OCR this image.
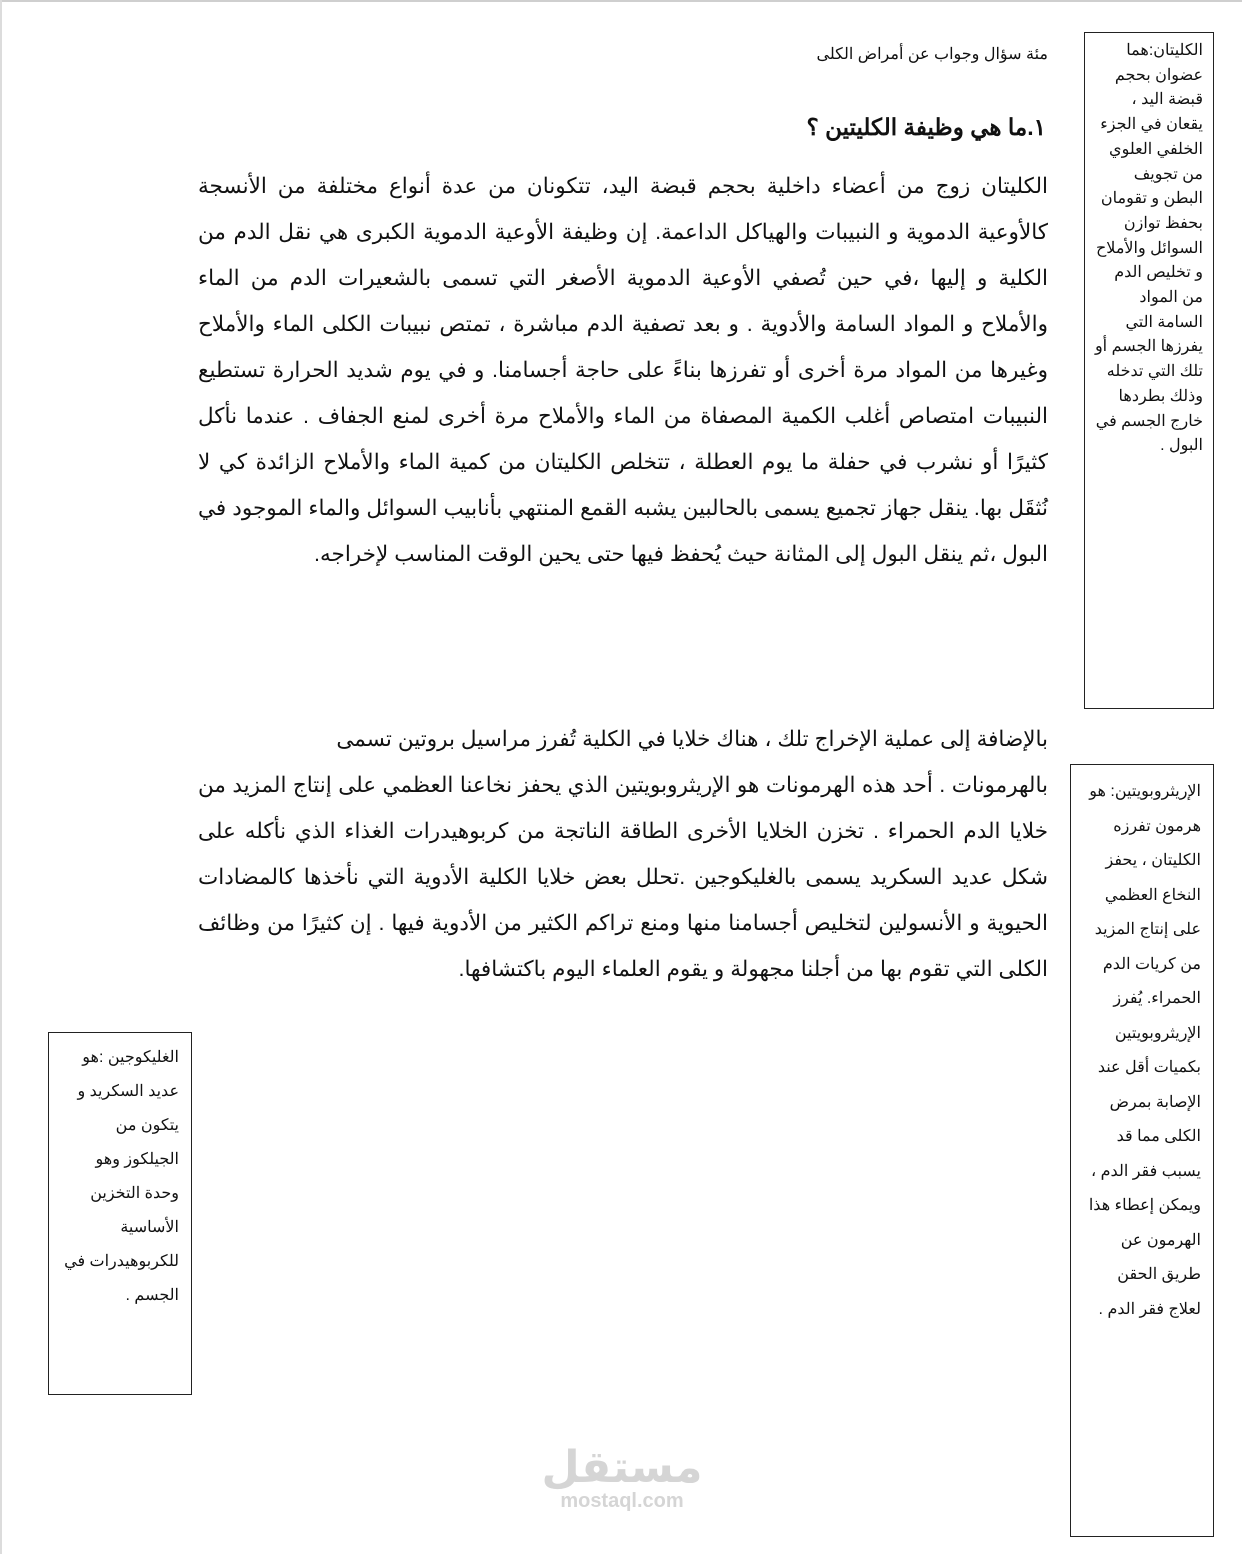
مئة سؤال وجواب عن أمراض الكلى
١.ما هي وظيفة الكليتين ؟
الكليتان زوج من أعضاء داخلية بحجم قبضة اليد، تتكونان من عدة أنواع مختلفة من الأنسجة كالأوعية الدموية و النبيبات والهياكل الداعمة. إن وظيفة الأوعية الدموية الكبرى هي نقل الدم من الكلية و إليها ،في حين تُصفي الأوعية الدموية الأصغر التي تسمى بالشعيرات الدم من الماء والأملاح و المواد السامة والأدوية . و بعد تصفية الدم مباشرة ، تمتص نبيبات الكلى الماء والأملاح وغيرها من المواد مرة أخرى أو تفرزها بناءً على حاجة أجسامنا. و في يوم شديد الحرارة تستطيع النبيبات امتصاص أغلب الكمية المصفاة من الماء والأملاح مرة أخرى لمنع الجفاف . عندما نأكل كثيرًا أو نشرب في حفلة ما يوم العطلة ، تتخلص الكليتان من كمية الماء والأملاح الزائدة كي لا نُثقَل بها. ينقل جهاز تجميع يسمى بالحالبين يشبه القمع المنتهي بأنابيب السوائل والماء الموجود في البول ،ثم ينقل البول إلى المثانة حيث يُحفظ فيها حتى يحين الوقت المناسب لإخراجه.
بالإضافة إلى عملية الإخراج تلك ، هناك خلايا في الكلية تُفرز مراسيل بروتين تسمى
بالهرمونات . أحد هذه الهرمونات هو الإريثروبويتين الذي يحفز نخاعنا العظمي على إنتاج المزيد من خلايا الدم الحمراء . تخزن الخلايا الأخرى الطاقة الناتجة من كربوهيدرات الغذاء الذي نأكله على شكل عديد السكريد يسمى بالغليكوجين .تحلل بعض خلايا الكلية الأدوية التي نأخذها كالمضادات الحيوية و الأنسولين لتخليص أجسامنا منها ومنع تراكم الكثير من الأدوية فيها . إن كثيرًا من وظائف الكلى التي تقوم بها من أجلنا مجهولة و يقوم العلماء اليوم باكتشافها.
الكليتان:هما عضوان بحجم قبضة اليد ، يقعان في الجزء الخلفي العلوي من تجويف البطن و تقومان بحفظ توازن السوائل والأملاح و تخليص الدم من المواد السامة التي يفرزها الجسم أو تلك التي تدخله وذلك بطردها خارج الجسم في البول .
الإريثروبويتين: هو هرمون تفرزه الكليتان ، يحفز النخاع العظمي على إنتاج المزيد من كريات الدم الحمراء. يُفرز الإريثروبويتين بكميات أقل عند الإصابة بمرض الكلى مما قد يسبب فقر الدم ، ويمكن إعطاء هذا الهرمون عن طريق الحقن لعلاج فقر الدم .
الغليكوجين :هو عديد السكريد و يتكون من الجيلكوز وهو وحدة التخزين الأساسية للكربوهيدرات في الجسم .
مستقل
mostaql.com
